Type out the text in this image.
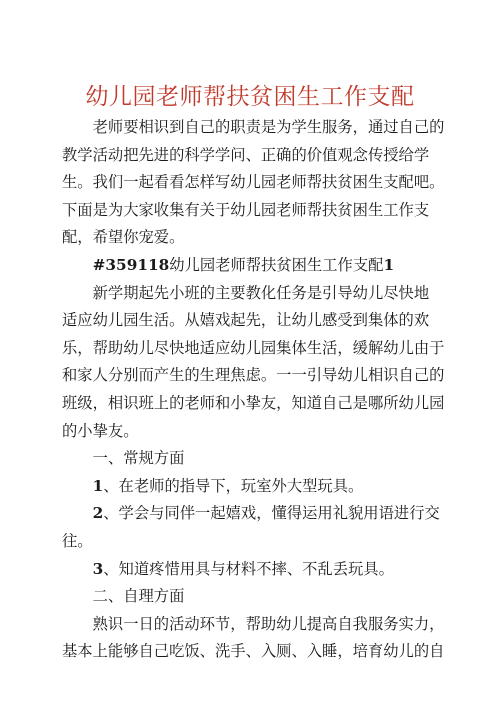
幼儿园老师帮扶贫困生工作支配

老师要相识到自己的职责是为学生服务，通过自己的教学活动把先进的科学学问、正确的价值观念传授给学生。我们一起看看怎样写幼儿园老师帮扶贫困生支配吧。下面是为大家收集有关于幼儿园老师帮扶贫困生工作支配，希望你宠爱。

#359118幼儿园老师帮扶贫困生工作支配1

新学期起先小班的主要教化任务是引导幼儿尽快地

适应幼儿园生活。从嬉戏起先，让幼儿感受到集体的欢乐，帮助幼儿尽快地适应幼儿园集体生活，缓解幼儿由于和家人分别而产生的生理焦虑。一一引导幼儿相识自己的班级，相识班上的老师和小挚友，知道自己是哪所幼儿园的小挚友。

一、常规方面

1、在老师的指导下，玩室外大型玩具。

2、学会与同伴一起嬉戏，懂得运用礼貌用语进行交往。

3、知道疼惜用具与材料不摔、不乱丢玩具。

二、自理方面

熟识一日的活动环节，帮助幼儿提高自我服务实力，基本上能够自己吃饭、洗手、入厕、入睡，培育幼儿的自
